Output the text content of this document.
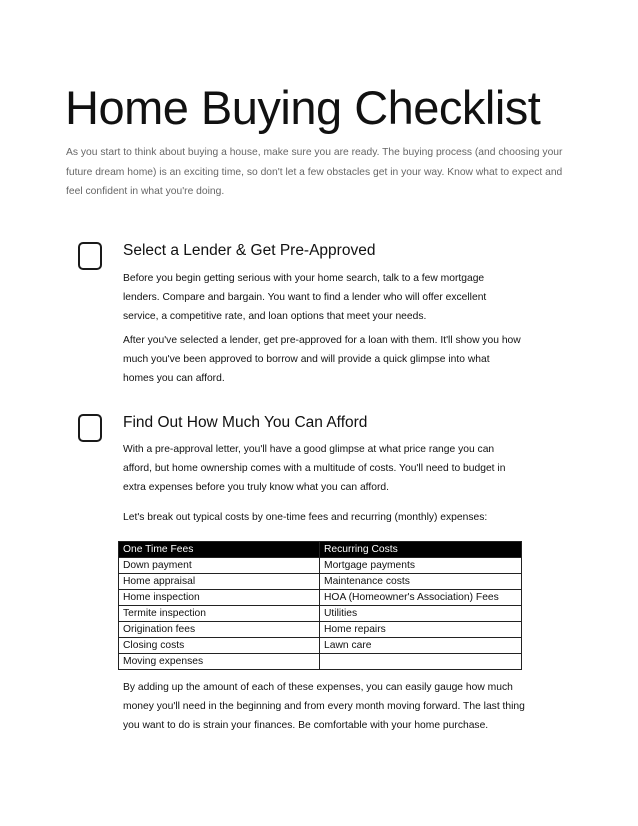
Home Buying Checklist

As you start to think about buying a house, make sure you are ready. The buying process (and choosing your future dream home) is an exciting time, so don't let a few obstacles get in your way. Know what to expect and feel confident in what you're doing.

Select a Lender & Get Pre-Approved

Before you begin getting serious with your home search, talk to a few mortgage lenders. Compare and bargain. You want to find a lender who will offer excellent service, a competitive rate, and loan options that meet your needs.

After you've selected a lender, get pre-approved for a loan with them. It'll show you how much you've been approved to borrow and will provide a quick glimpse into what homes you can afford.

Find Out How Much You Can Afford

With a pre-approval letter, you'll have a good glimpse at what price range you can afford, but home ownership comes with a multitude of costs. You'll need to budget in extra expenses before you truly know what you can afford.

Let's break out typical costs by one-time fees and recurring (monthly) expenses:

By adding up the amount of each of these expenses, you can easily gauge how much money you'll need in the beginning and from every month moving forward. The last thing you want to do is strain your finances. Be comfortable with your home purchase.

One Time Fees	Recurring Costs
Down payment	Mortgage payments
Home appraisal	Maintenance costs
Home inspection	HOA (Homeowner's Association) Fees
Termite inspection	Utilities
Origination fees	Home repairs
Closing costs	Lawn care
Moving expenses	
